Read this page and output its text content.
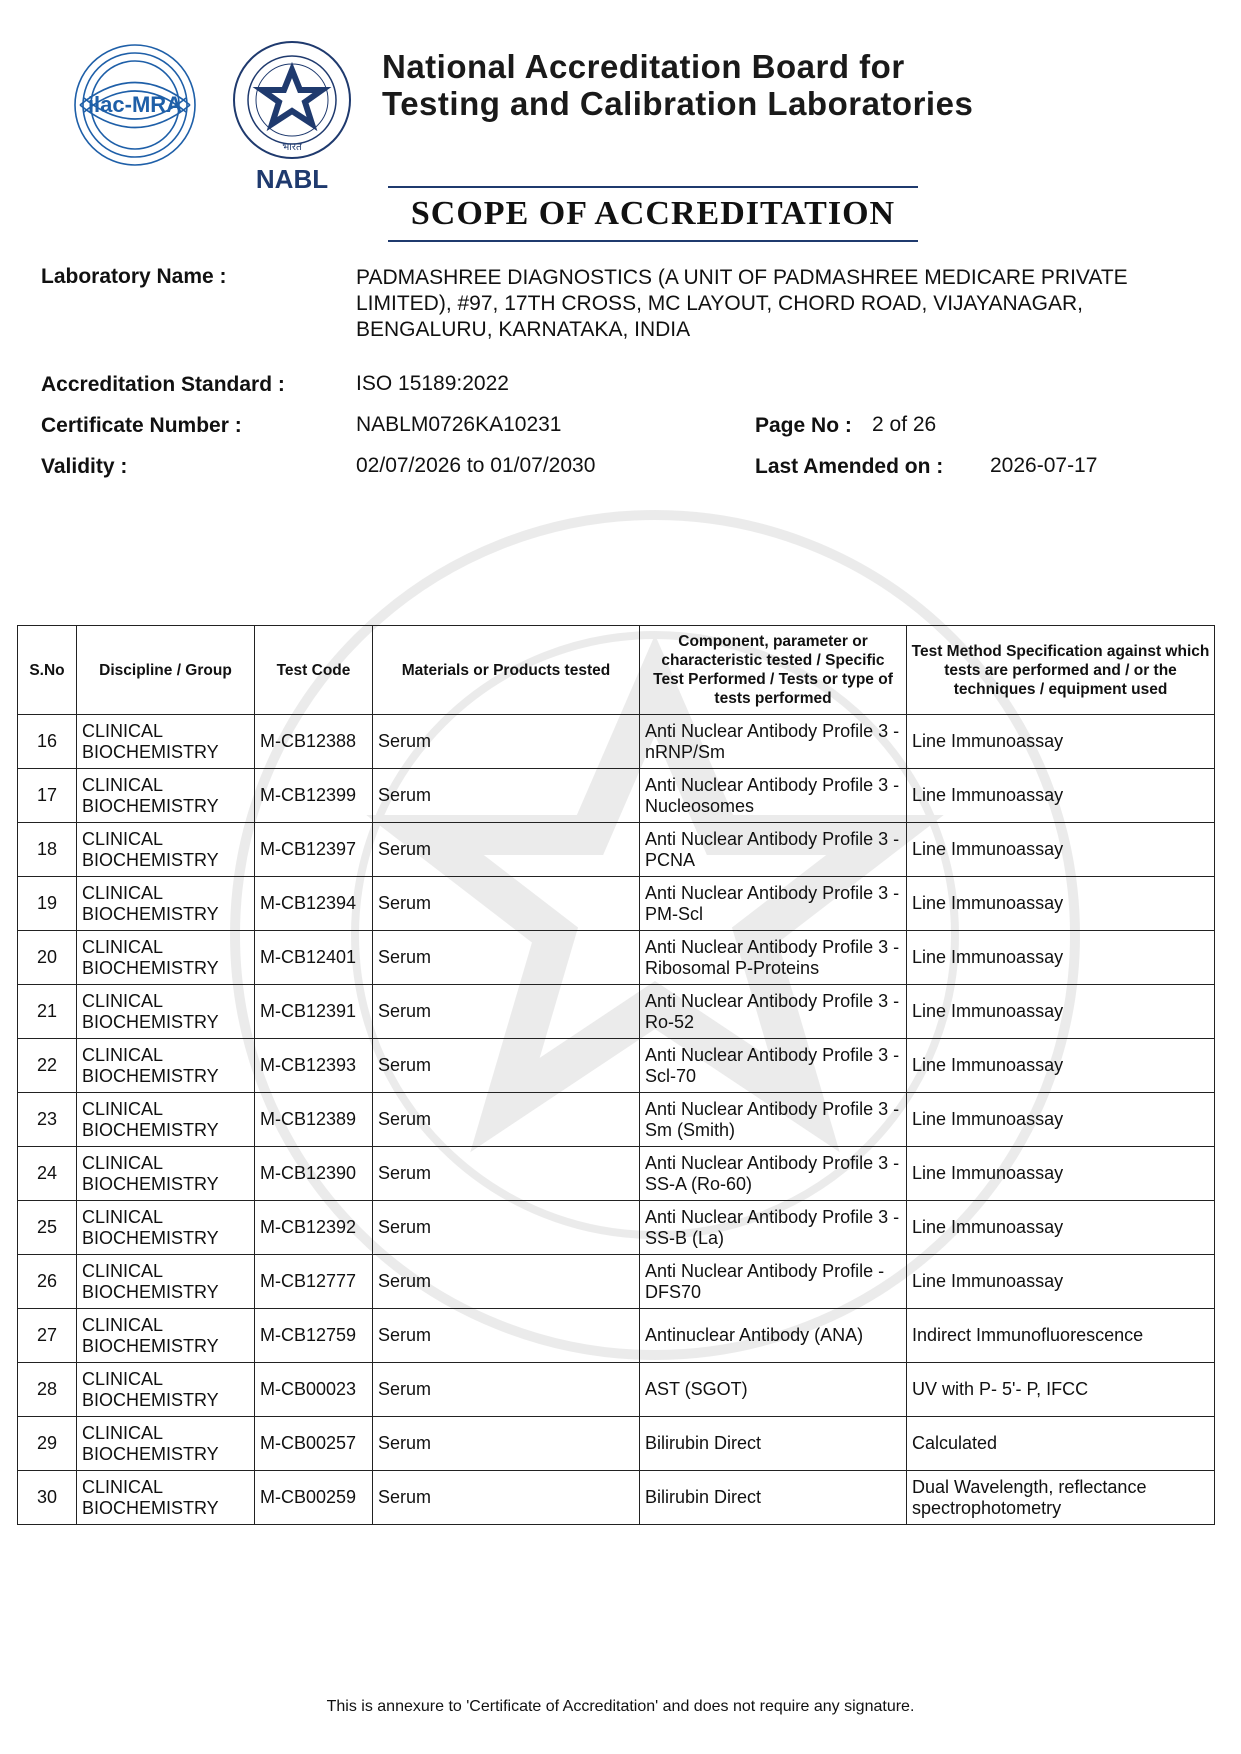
ilac-MRA
भारत
NABL
National Accreditation Board for
Testing and Calibration Laboratories
SCOPE OF ACCREDITATION
Laboratory Name :	PADMASHREE DIAGNOSTICS (A UNIT OF PADMASHREE MEDICARE PRIVATE
LIMITED), #97, 17TH CROSS, MC LAYOUT, CHORD ROAD, VIJAYANAGAR,
BENGALURU, KARNATAKA, INDIA
Accreditation Standard :	ISO 15189:2022
Certificate Number :	NABLM0726KA10231	Page No : 2 of 26
Validity :	02/07/2026 to 01/07/2030	Last Amended on : 2026-07-17
S.No	Discipline / Group	Test Code	Materials or Products tested	Component, parameter or characteristic tested / Specific Test Performed / Tests or type of tests performed	Test Method Specification against which tests are performed and / or the techniques / equipment used
16	CLINICAL BIOCHEMISTRY	M-CB12388	Serum	Anti Nuclear Antibody Profile 3 - nRNP/Sm	Line Immunoassay
17	CLINICAL BIOCHEMISTRY	M-CB12399	Serum	Anti Nuclear Antibody Profile 3 - Nucleosomes	Line Immunoassay
18	CLINICAL BIOCHEMISTRY	M-CB12397	Serum	Anti Nuclear Antibody Profile 3 - PCNA	Line Immunoassay
19	CLINICAL BIOCHEMISTRY	M-CB12394	Serum	Anti Nuclear Antibody Profile 3 - PM-Scl	Line Immunoassay
20	CLINICAL BIOCHEMISTRY	M-CB12401	Serum	Anti Nuclear Antibody Profile 3 - Ribosomal P-Proteins	Line Immunoassay
21	CLINICAL BIOCHEMISTRY	M-CB12391	Serum	Anti Nuclear Antibody Profile 3 - Ro-52	Line Immunoassay
22	CLINICAL BIOCHEMISTRY	M-CB12393	Serum	Anti Nuclear Antibody Profile 3 - Scl-70	Line Immunoassay
23	CLINICAL BIOCHEMISTRY	M-CB12389	Serum	Anti Nuclear Antibody Profile 3 - Sm (Smith)	Line Immunoassay
24	CLINICAL BIOCHEMISTRY	M-CB12390	Serum	Anti Nuclear Antibody Profile 3 - SS-A (Ro-60)	Line Immunoassay
25	CLINICAL BIOCHEMISTRY	M-CB12392	Serum	Anti Nuclear Antibody Profile 3 - SS-B (La)	Line Immunoassay
26	CLINICAL BIOCHEMISTRY	M-CB12777	Serum	Anti Nuclear Antibody Profile -DFS70	Line Immunoassay
27	CLINICAL BIOCHEMISTRY	M-CB12759	Serum	Antinuclear Antibody (ANA)	Indirect Immunofluorescence
28	CLINICAL BIOCHEMISTRY	M-CB00023	Serum	AST (SGOT)	UV with P- 5'- P, IFCC
29	CLINICAL BIOCHEMISTRY	M-CB00257	Serum	Bilirubin Direct	Calculated
30	CLINICAL BIOCHEMISTRY	M-CB00259	Serum	Bilirubin Direct	Dual Wavelength, reflectance spectrophotometry
This is annexure to 'Certificate of Accreditation' and does not require any signature.
